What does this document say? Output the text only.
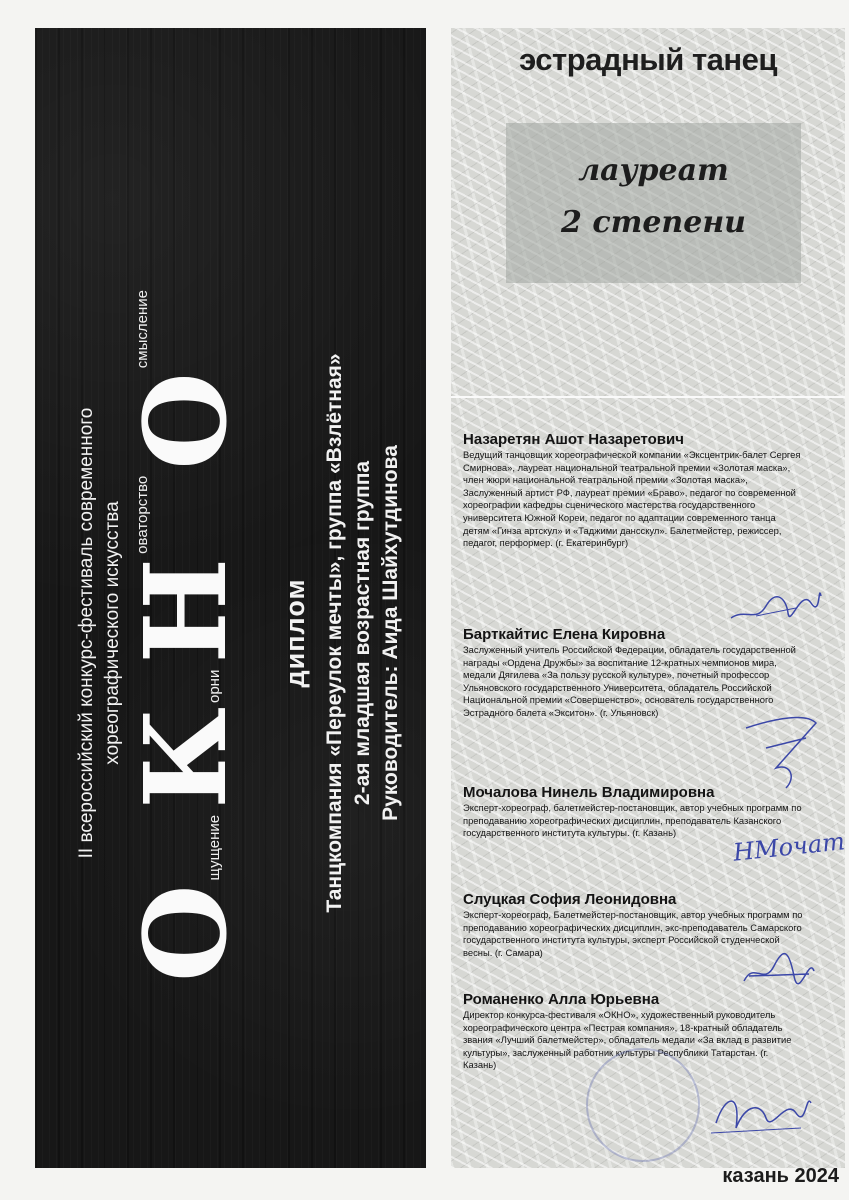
II всероссийский конкурс-фестиваль современного хореографического искусства
О
щущение
К
орни
Н
оваторство
О
смысление
диплом Танцкомпания «Переулок мечты», группа «Взлётная» 2-ая младшая возрастная группа Руководитель: Аида Шайхутдинова
эстрадный танец
лауреат
2 степени
Назаретян Ашот Назаретович
Ведущий танцовщик хореографической компании «Эксцентрик-балет Сергея Смирнова», лауреат национальной театральной премии «Золотая маска», член жюри национальной театральной премии «Золотая маска», Заслуженный артист РФ, лауреат премии «Браво», педагог по современной хореографии кафедры сценического мастерства государственного университета Южной Кореи, педагог по адаптации современного танца детям «Гинза артскул» и «Таджими дансскул». Балетмейстер, режиссер, педагог, перформер. (г. Екатеринбург)
Барткайтис Елена Кировна
Заслуженный учитель Российской Федерации, обладатель государственной награды «Ордена Дружбы» за воспитание 12-кратных чемпионов мира, медали Дягилева «За пользу русской культуре», почетный профессор Ульяновского государственного Университета, обладатель Российской Национальной премии «Совершенство», основатель государственного Эстрадного балета «Экситон». (г. Ульяновск)
Мочалова Нинель Владимировна
Эксперт-хореограф, балетмейстер-постановщик, автор учебных программ по преподаванию хореографических дисциплин, преподаватель Казанского государственного института культуры. (г. Казань)
Слуцкая София Леонидовна
Эксперт-хореограф, Балетмейстер-постановщик, автор учебных программ по преподаванию хореографических дисциплин, экс-преподаватель Самарского государственного института культуры, эксперт Российской студенческой весны. (г. Самара)
Романенко Алла Юрьевна
Директор конкурса-фестиваля «ОКНО», художественный руководитель хореографического центра «Пестрая компания», 18-кратный обладатель звания «Лучший балетмейстер», обладатель медали «За вклад в развитие культуры», заслуженный работник культуры Республики Татарстан. (г. Казань)
НМочат
казань 2024
